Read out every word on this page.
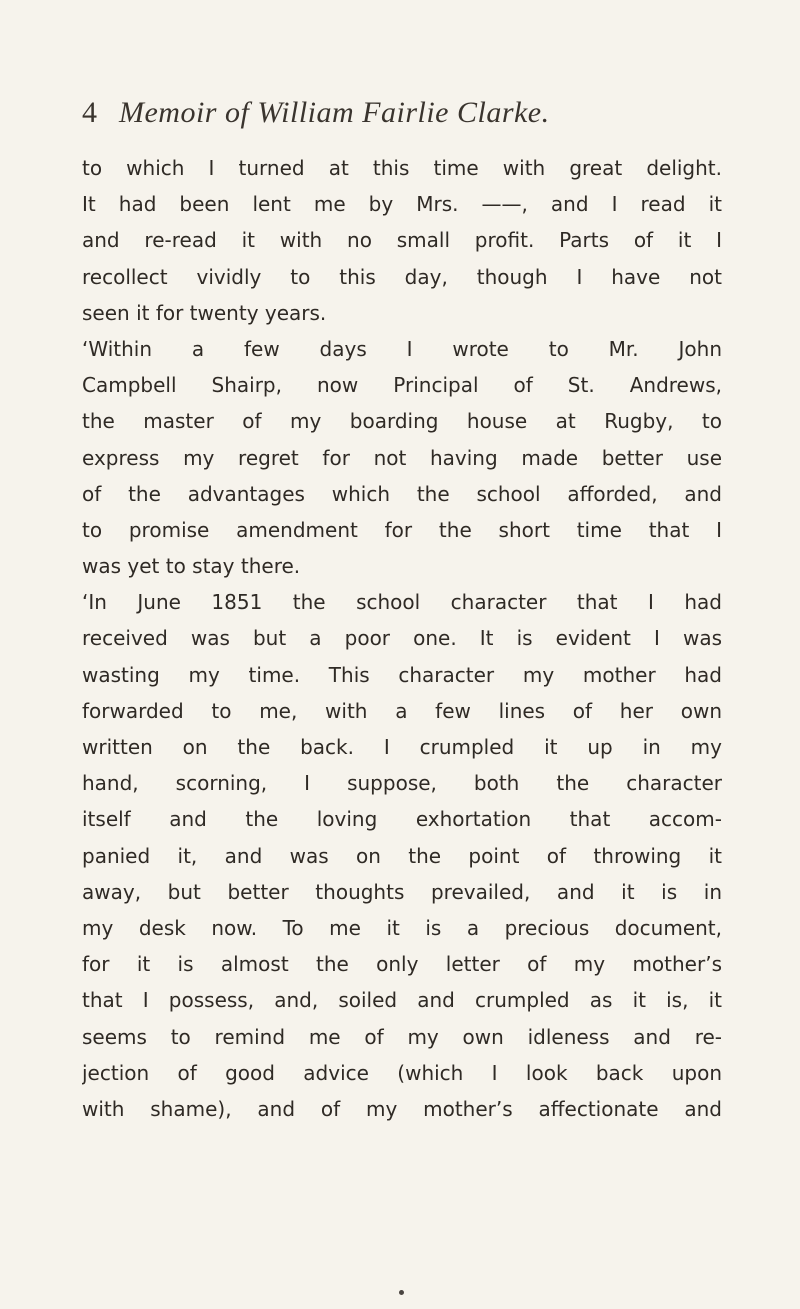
4 Memoir of William Fairlie Clarke.
to which I turned at this time with great delight.
It had been lent me by Mrs. ——, and I read it
and re-read it with no small profit. Parts of it I
recollect vividly to this day, though I have not
seen it for twenty years.
‘Within a few days I wrote to Mr. John
Campbell Shairp, now Principal of St. Andrews,
the master of my boarding house at Rugby, to
express my regret for not having made better use
of the advantages which the school afforded, and
to promise amendment for the short time that I
was yet to stay there.
‘In June 1851 the school character that I had
received was but a poor one. It is evident I was
wasting my time. This character my mother had
forwarded to me, with a few lines of her own
written on the back. I crumpled it up in my
hand, scorning, I suppose, both the character
itself and the loving exhortation that accom-
panied it, and was on the point of throwing it
away, but better thoughts prevailed, and it is in
my desk now. To me it is a precious document,
for it is almost the only letter of my mother’s
that I possess, and, soiled and crumpled as it is, it
seems to remind me of my own idleness and re-
jection of good advice (which I look back upon
with shame), and of my mother’s affectionate and
